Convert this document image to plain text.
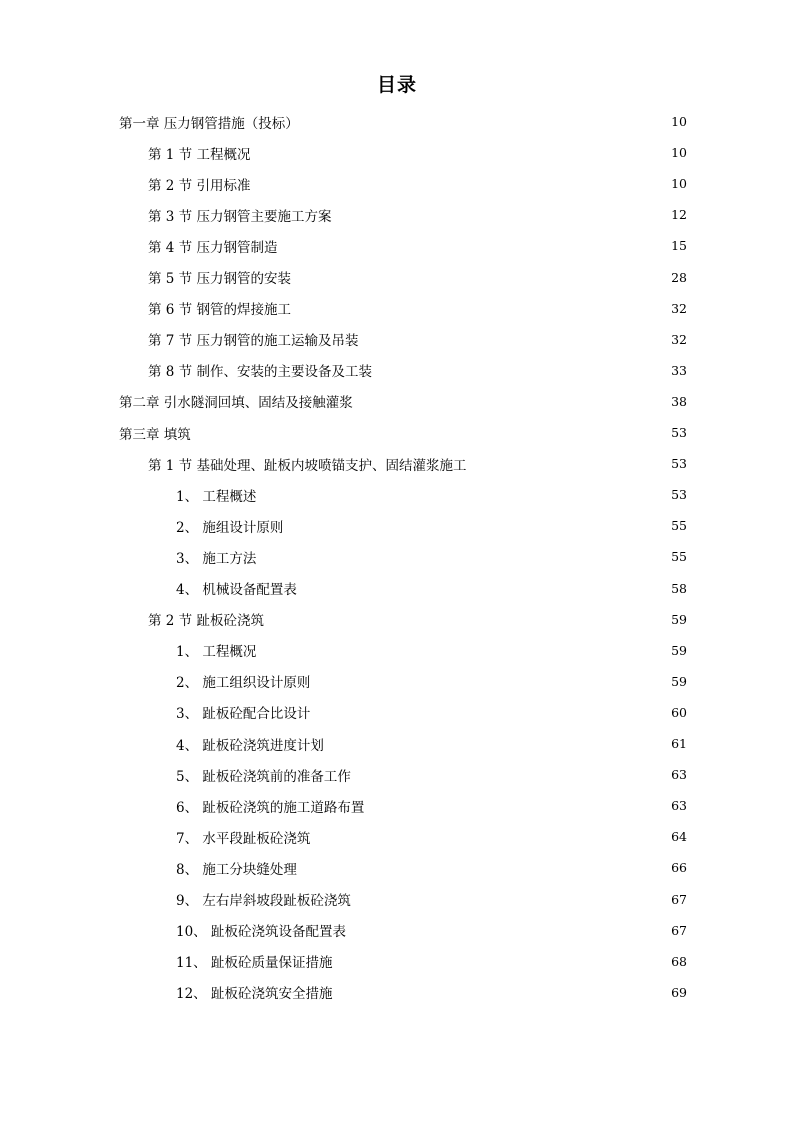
目录
第一章 压力钢管措施（投标）	10
第 1 节 工程概况	10
第 2 节 引用标准	10
第 3 节 压力钢管主要施工方案	12
第 4 节 压力钢管制造	15
第 5 节 压力钢管的安装	28
第 6 节 钢管的焊接施工	32
第 7 节 压力钢管的施工运输及吊装	32
第 8 节 制作、安装的主要设备及工装	33
第二章 引水隧洞回填、固结及接触灌浆	38
第三章 填筑	53
第 1 节 基础处理、趾板内坡喷锚支护、固结灌浆施工	53
1、 工程概述	53
2、 施组设计原则	55
3、 施工方法	55
4、 机械设备配置表	58
第 2 节 趾板砼浇筑	59
1、 工程概况	59
2、 施工组织设计原则	59
3、 趾板砼配合比设计	60
4、 趾板砼浇筑进度计划	61
5、 趾板砼浇筑前的准备工作	63
6、 趾板砼浇筑的施工道路布置	63
7、 水平段趾板砼浇筑	64
8、 施工分块缝处理	66
9、 左右岸斜坡段趾板砼浇筑	67
10、 趾板砼浇筑设备配置表	67
11、 趾板砼质量保证措施	68
12、 趾板砼浇筑安全措施	69
